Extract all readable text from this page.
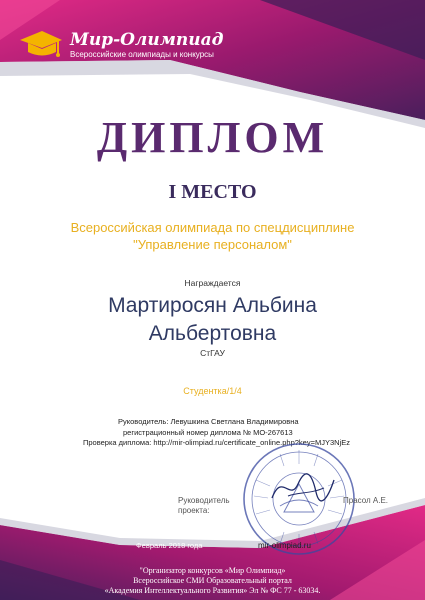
Мир-Олимпиад
Всероссийские олимпиады и конкурсы
ДИПЛОМ
I МЕСТО
Всероссийская олимпиада по спецдисциплине
"Управление персоналом"
Награждается
Мартиросян Альбина
Альбертовна
СтГАУ
Студентка/1/4
Руководитель: Левушкина Светлана Владимировна
регистрационный номер диплома № МО-267613
Проверка диплома: http://mir-olimpiad.ru/certificate_online.php?key=MJY3NjEz
Руководитель
проекта:
Прасол А.Е.
Февраль 2018 года	mir-olimpiad.ru
"Организатор конкурсов «Мир Олимпиад»
Всероссийское СМИ Образовательный портал
«Академия Интеллектуального Развития» Эл № ФС 77 - 63034.
